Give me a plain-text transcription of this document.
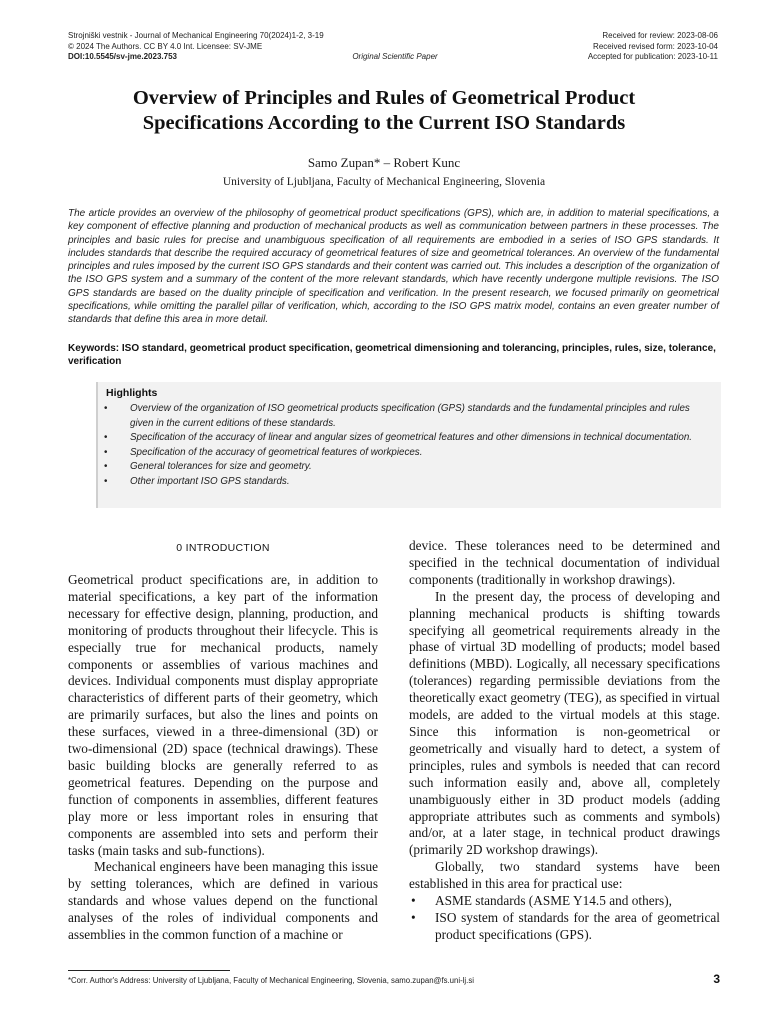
Strojniški vestnik - Journal of Mechanical Engineering 70(2024)1-2, 3-19
© 2024 The Authors. CC BY 4.0 Int. Licensee: SV-JME
DOI:10.5545/sv-jme.2023.753	Original Scientific Paper
Received for review: 2023-08-06
Received revised form: 2023-10-04
Accepted for publication: 2023-10-11
Overview of Principles and Rules of Geometrical Product
Specifications According to the Current ISO Standards
Samo Zupan* – Robert Kunc
University of Ljubljana, Faculty of Mechanical Engineering, Slovenia

The article provides an overview of the philosophy of geometrical product specifications (GPS), which are, in addition to material specifications, a key component of effective planning and production of mechanical products as well as communication between partners in these processes. The principles and basic rules for precise and unambiguous specification of all requirements are embodied in a series of ISO GPS standards. It includes standards that describe the required accuracy of geometrical features of size and geometrical tolerances. An overview of the fundamental principles and rules imposed by the current ISO GPS standards and their content was carried out. This includes a description of the organization of the ISO GPS system and a summary of the content of the more relevant standards, which have recently undergone multiple revisions. The ISO GPS standards are based on the duality principle of specification and verification. In the present research, we focused primarily on geometrical specifications, while omitting the parallel pillar of verification, which, according to the ISO GPS matrix model, contains an even greater number of standards that define this area in more detail.

Keywords: ISO standard, geometrical product specification, geometrical dimensioning and tolerancing, principles, rules, size, tolerance, verification

Highlights
• Overview of the organization of ISO geometrical products specification (GPS) standards and the fundamental principles and rules given in the current editions of these standards.
• Specification of the accuracy of linear and angular sizes of geometrical features and other dimensions in technical documentation.
• Specification of the accuracy of geometrical features of workpieces.
• General tolerances for size and geometry.
• Other important ISO GPS standards.

0 INTRODUCTION

Geometrical product specifications are, in addition to material specifications, a key part of the information necessary for effective design, planning, production, and monitoring of products throughout their lifecycle. This is especially true for mechanical products, namely components or assemblies of various machines and devices. Individual components must display appropriate characteristics of different parts of their geometry, which are primarily surfaces, but also the lines and points on these surfaces, viewed in a three-dimensional (3D) or two-dimensional (2D) space (technical drawings). These basic building blocks are generally referred to as geometrical features. Depending on the purpose and function of components in assemblies, different features play more or less important roles in ensuring that components are assembled into sets and perform their tasks (main tasks and sub-functions).

Mechanical engineers have been managing this issue by setting tolerances, which are defined in various standards and whose values depend on the functional analyses of the roles of individual components and assemblies in the common function of a machine or

device. These tolerances need to be determined and specified in the technical documentation of individual components (traditionally in workshop drawings).

In the present day, the process of developing and planning mechanical products is shifting towards specifying all geometrical requirements already in the phase of virtual 3D modelling of products; model based definitions (MBD). Logically, all necessary specifications (tolerances) regarding permissible deviations from the theoretically exact geometry (TEG), as specified in virtual models, are added to the virtual models at this stage. Since this information is non-geometrical or geometrically and visually hard to detect, a system of principles, rules and symbols is needed that can record such information easily and, above all, completely unambiguously either in 3D product models (adding appropriate attributes such as comments and symbols) and/or, at a later stage, in technical product drawings (primarily 2D workshop drawings).

Globally, two standard systems have been established in this area for practical use:

• ASME standards (ASME Y14.5 and others),
• ISO system of standards for the area of geometrical product specifications (GPS).
*Corr. Author's Address: University of Ljubljana, Faculty of Mechanical Engineering, Slovenia, samo.zupan@fs.uni-lj.si	3
